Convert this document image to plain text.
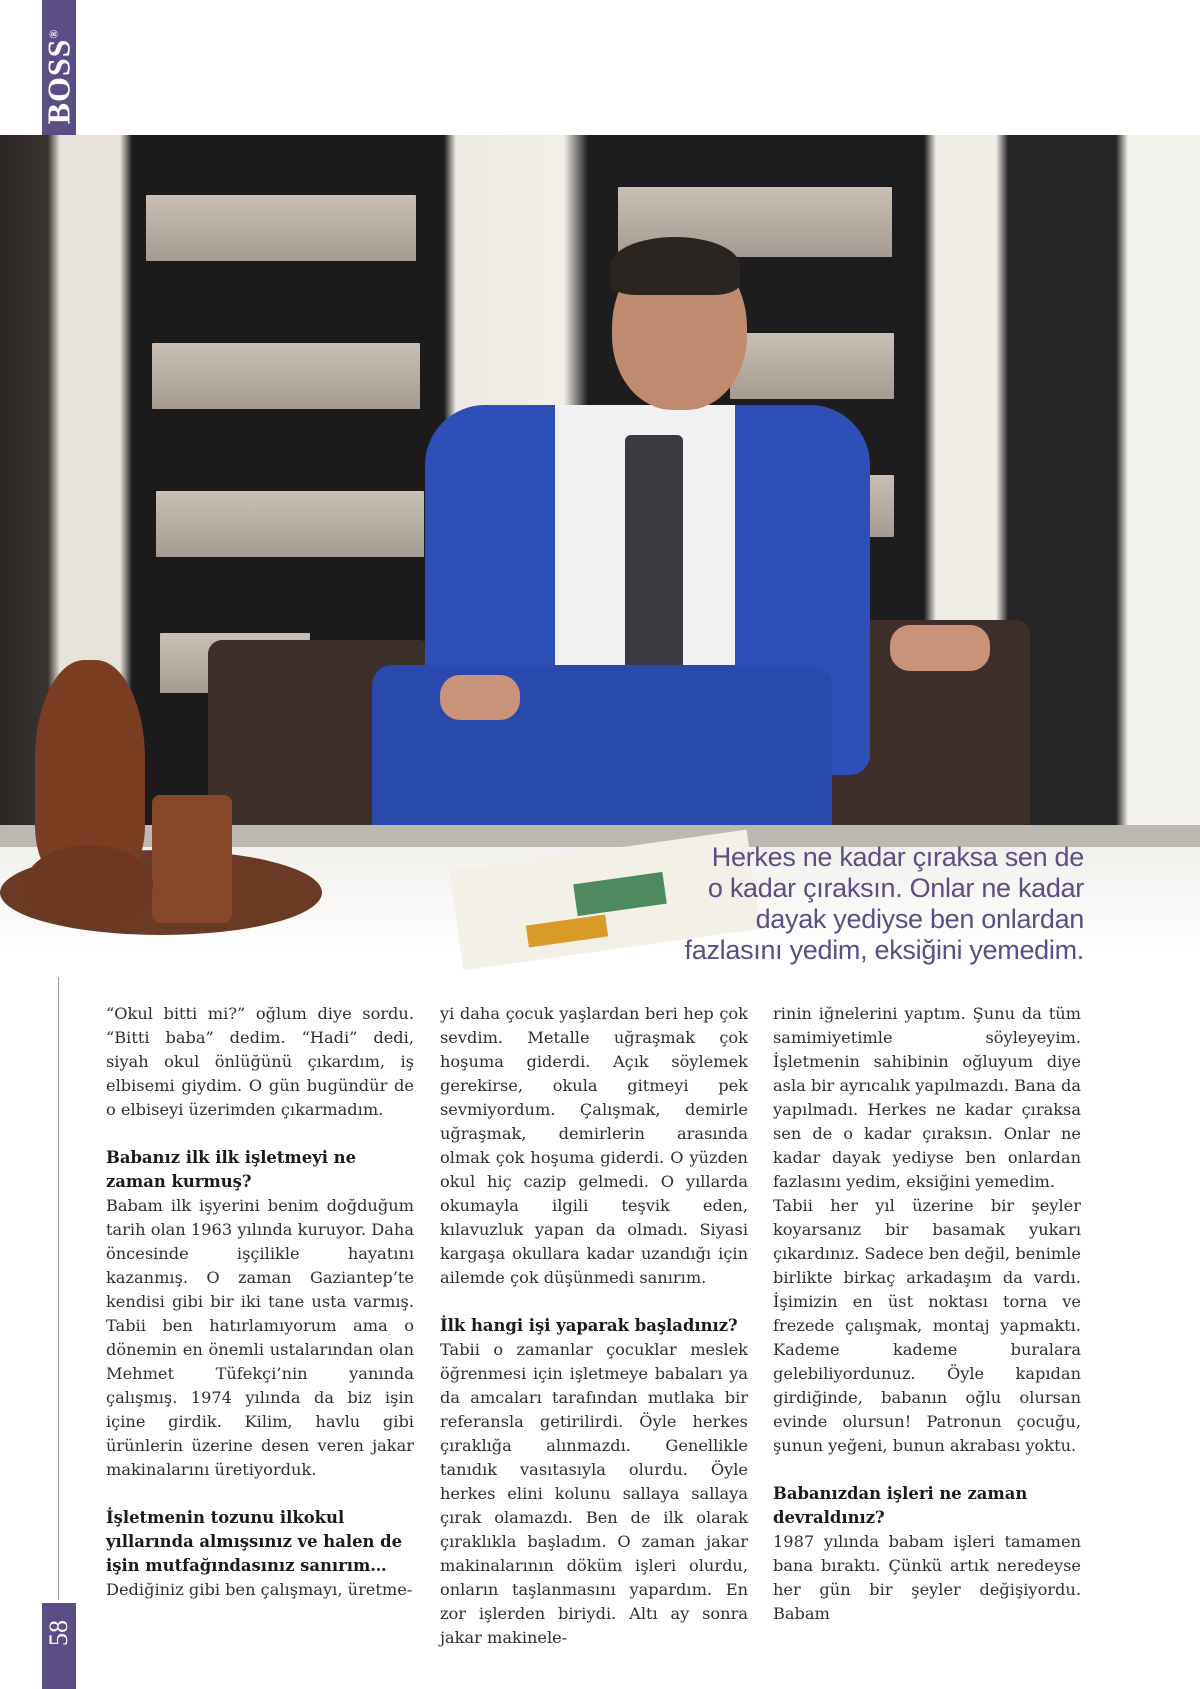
BOSS®
58
Herkes ne kadar çıraksa sen de
o kadar çıraksın. Onlar ne kadar
dayak yediyse ben onlardan
fazlasını yedim, eksiğini yemedim.

“Okul bitti mi?” oğlum diye sordu. “Bitti baba” dedim. “Hadi” dedi, siyah okul önlüğünü çıkardım, iş elbisemi giydim. O gün bugündür de o elbiseyi üzerimden çıkarmadım.

Babanız ilk ilk işletmeyi ne zaman kurmuş?

Babam ilk işyerini benim doğduğum tarih olan 1963 yılında kuruyor. Daha öncesinde işçilikle hayatını kazanmış. O zaman Gaziantep’te kendisi gibi bir iki tane usta varmış. Tabii ben hatırlamıyorum ama o dönemin en önemli ustalarından olan Mehmet Tüfekçi’nin yanında çalışmış. 1974 yılında da biz işin içine girdik. Kilim, havlu gibi ürünlerin üzerine desen veren jakar makinalarını üretiyorduk.

İşletmenin tozunu ilkokul yıllarında almışsınız ve halen de işin mutfağındasınız sanırım…

Dediğiniz gibi ben çalışmayı, üretme-

yi daha çocuk yaşlardan beri hep çok sevdim. Metalle uğraşmak çok hoşuma giderdi. Açık söylemek gerekirse, okula gitmeyi pek sevmiyordum. Çalışmak, demirle uğraşmak, demirlerin arasında olmak çok hoşuma giderdi. O yüzden okul hiç cazip gelmedi. O yıllarda okumayla ilgili teşvik eden, kılavuzluk yapan da olmadı. Siyasi kargaşa okullara kadar uzandığı için ailemde çok düşünmedi sanırım.

İlk hangi işi yaparak başladınız?

Tabii o zamanlar çocuklar meslek öğrenmesi için işletmeye babaları ya da amcaları tarafından mutlaka bir referansla getirilirdi. Öyle herkes çıraklığa alınmazdı. Genellikle tanıdık vasıtasıyla olurdu. Öyle herkes elini kolunu sallaya sallaya çırak olamazdı. Ben de ilk olarak çıraklıkla başladım. O zaman jakar makinalarının döküm işleri olurdu, onların taşlanmasını yapardım. En zor işlerden biriydi. Altı ay sonra jakar makinele-

rinin iğnelerini yaptım. Şunu da tüm samimiyetimle söyleyeyim. İşletmenin sahibinin oğluyum diye asla bir ayrıcalık yapılmazdı. Bana da yapılmadı. Herkes ne kadar çıraksa sen de o kadar çıraksın. Onlar ne kadar dayak yediyse ben onlardan fazlasını yedim, eksiğini yemedim.

Tabii her yıl üzerine bir şeyler koyarsanız bir basamak yukarı çıkardınız. Sadece ben değil, benimle birlikte birkaç arkadaşım da vardı. İşimizin en üst noktası torna ve frezede çalışmak, montaj yapmaktı. Kademe kademe buralara gelebiliyordunuz. Öyle kapıdan girdiğinde, babanın oğlu olursan evinde olursun! Patronun çocuğu, şunun yeğeni, bunun akrabası yoktu.

Babanızdan işleri ne zaman devraldınız?

1987 yılında babam işleri tamamen bana bıraktı. Çünkü artık neredeyse her gün bir şeyler değişiyordu. Babam
